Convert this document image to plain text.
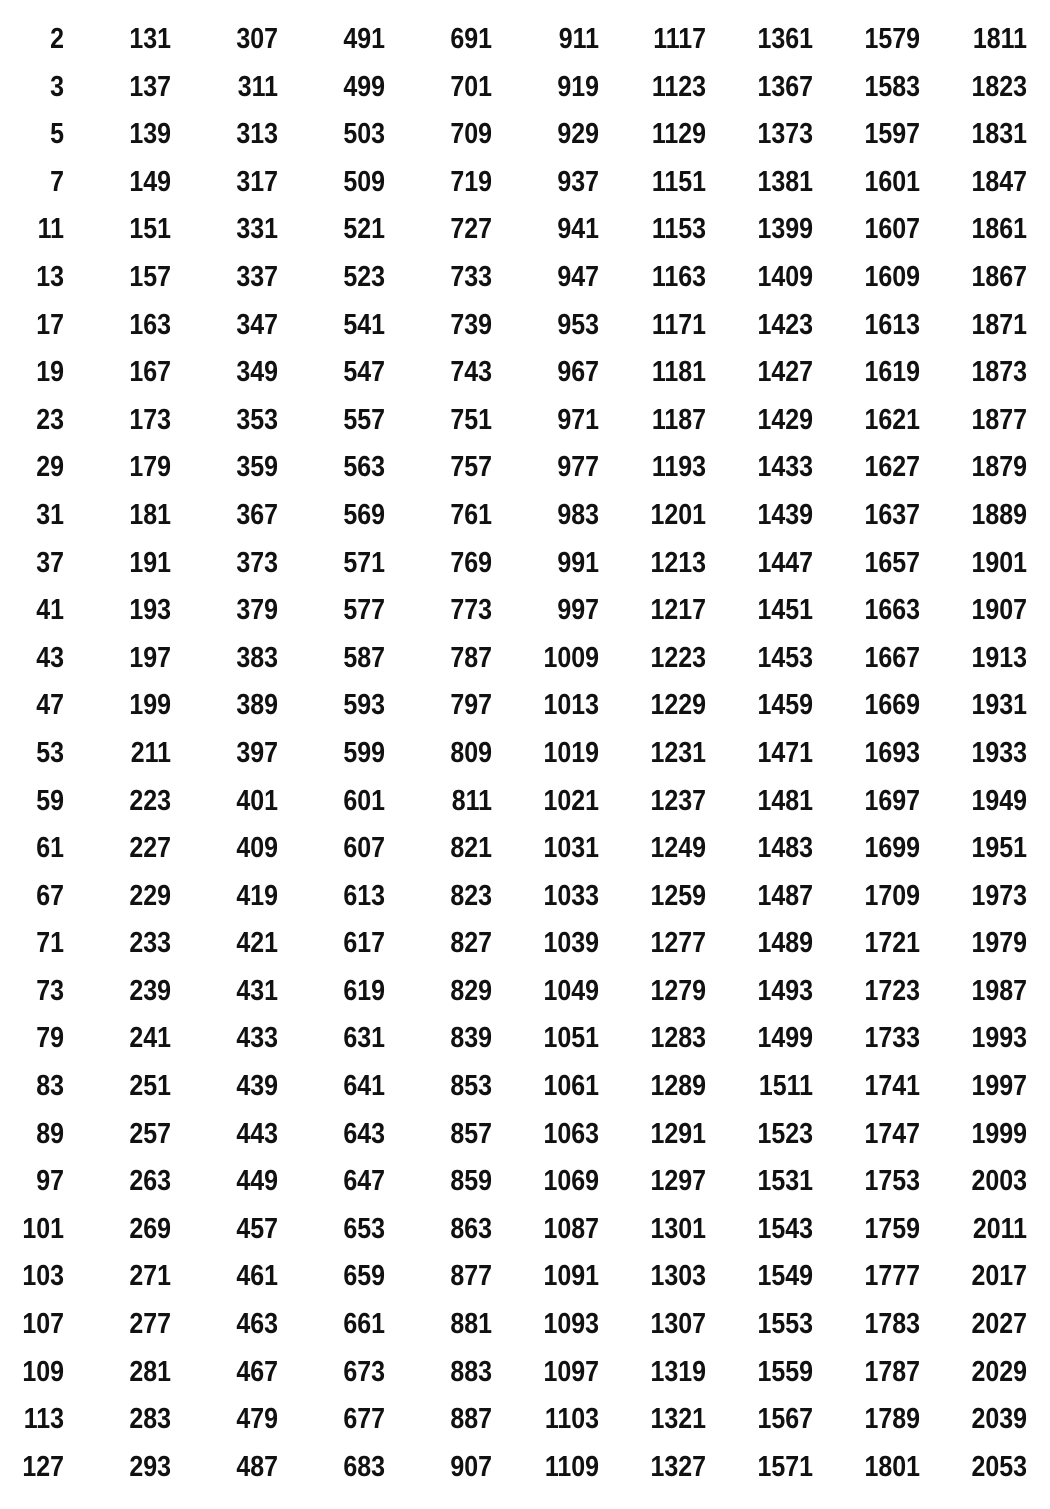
2
3
5
7
11
13
17
19
23
29
31
37
41
43
47
53
59
61
67
71
73
79
83
89
97
101
103
107
109
113
127
131
137
139
149
151
157
163
167
173
179
181
191
193
197
199
211
223
227
229
233
239
241
251
257
263
269
271
277
281
283
293
307
311
313
317
331
337
347
349
353
359
367
373
379
383
389
397
401
409
419
421
431
433
439
443
449
457
461
463
467
479
487
491
499
503
509
521
523
541
547
557
563
569
571
577
587
593
599
601
607
613
617
619
631
641
643
647
653
659
661
673
677
683
691
701
709
719
727
733
739
743
751
757
761
769
773
787
797
809
811
821
823
827
829
839
853
857
859
863
877
881
883
887
907
911
919
929
937
941
947
953
967
971
977
983
991
997
1009
1013
1019
1021
1031
1033
1039
1049
1051
1061
1063
1069
1087
1091
1093
1097
1103
1109
1117
1123
1129
1151
1153
1163
1171
1181
1187
1193
1201
1213
1217
1223
1229
1231
1237
1249
1259
1277
1279
1283
1289
1291
1297
1301
1303
1307
1319
1321
1327
1361
1367
1373
1381
1399
1409
1423
1427
1429
1433
1439
1447
1451
1453
1459
1471
1481
1483
1487
1489
1493
1499
1511
1523
1531
1543
1549
1553
1559
1567
1571
1579
1583
1597
1601
1607
1609
1613
1619
1621
1627
1637
1657
1663
1667
1669
1693
1697
1699
1709
1721
1723
1733
1741
1747
1753
1759
1777
1783
1787
1789
1801
1811
1823
1831
1847
1861
1867
1871
1873
1877
1879
1889
1901
1907
1913
1931
1933
1949
1951
1973
1979
1987
1993
1997
1999
2003
2011
2017
2027
2029
2039
2053
